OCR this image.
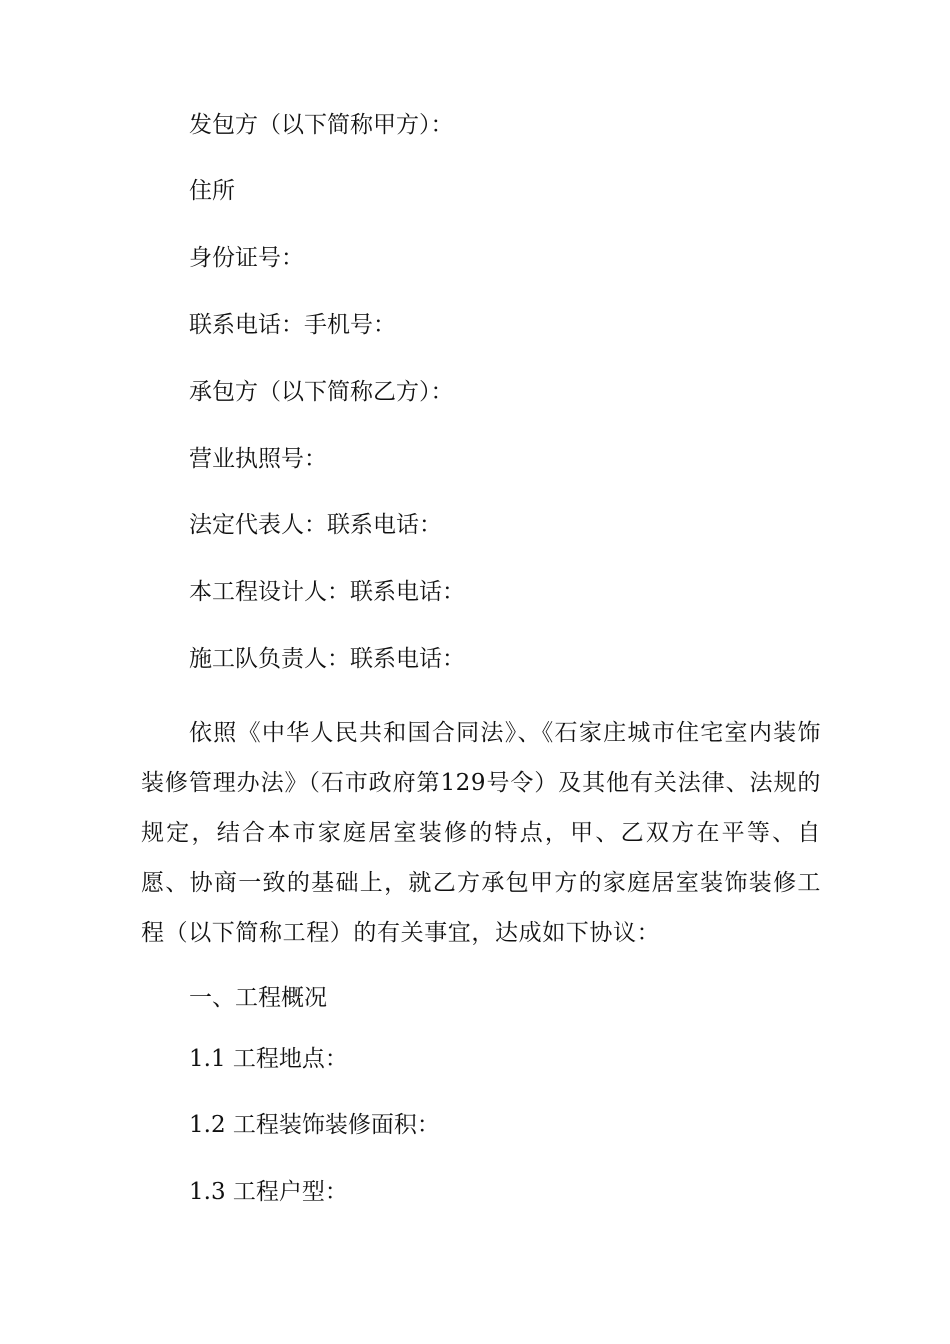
发包方（以下简称甲方）：
住所
身份证号：
联系电话：手机号：
承包方（以下简称乙方）：
营业执照号：
法定代表人：联系电话：
本工程设计人：联系电话：
施工队负责人：联系电话：
依照《中华人民共和国合同法》、《石家庄城市住宅室内装饰装修管理办法》（石市政府第129号令）及其他有关法律、法规的规定，结合本市家庭居室装修的特点，甲、乙双方在平等、自愿、协商一致的基础上，就乙方承包甲方的家庭居室装饰装修工程（以下简称工程）的有关事宜，达成如下协议：
一、工程概况
1.1 工程地点：
1.2 工程装饰装修面积：
1.3 工程户型：
